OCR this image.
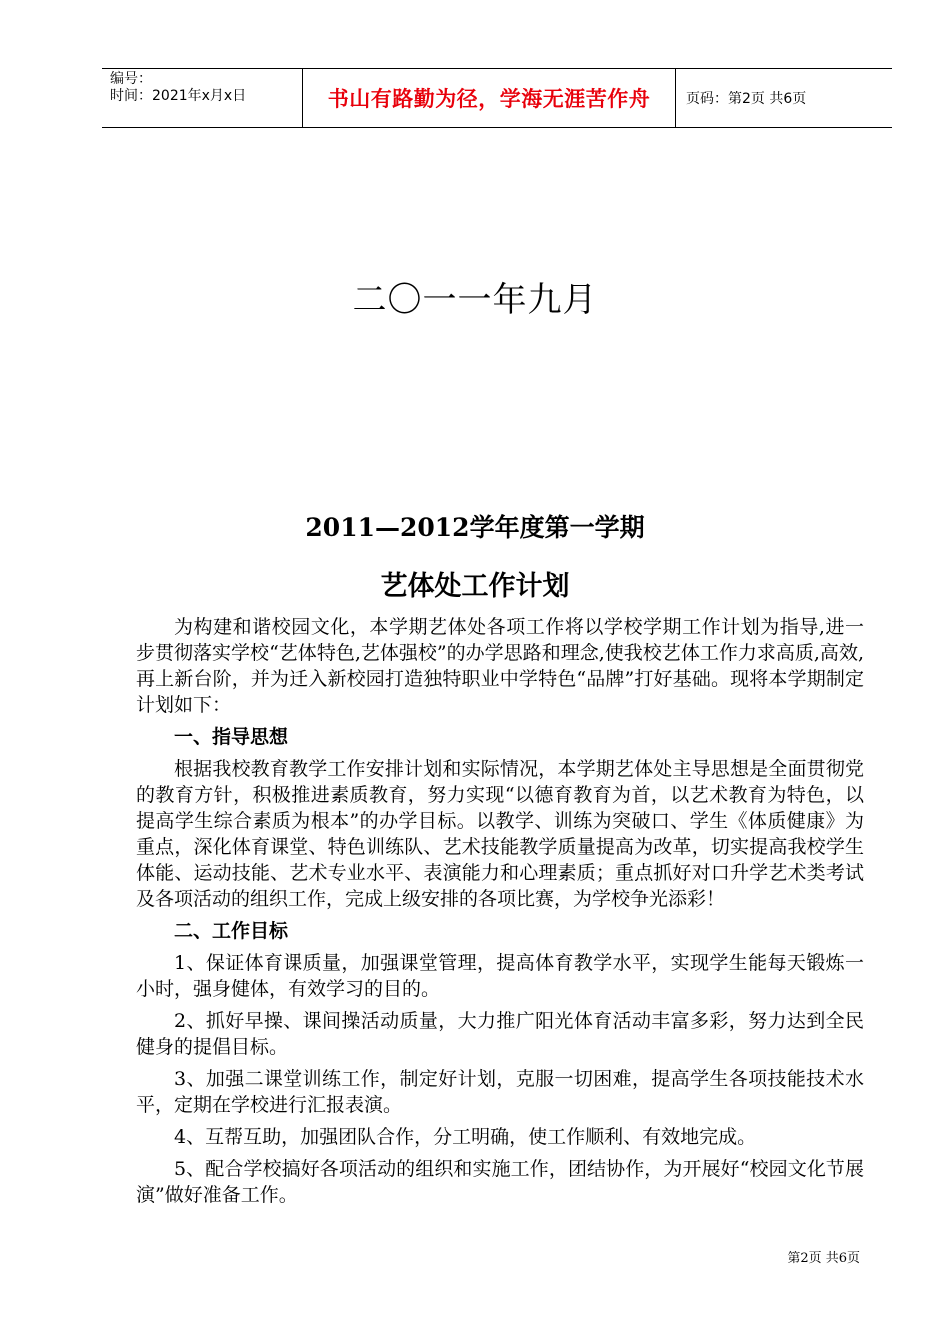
编号：
时间：2021年x月x日	书山有路勤为径，学海无涯苦作舟	页码：第2页 共6页
二〇一一年九月
2011—2012学年度第一学期
艺体处工作计划

为构建和谐校园文化，本学期艺体处各项工作将以学校学期工作计划为指导,进一步贯彻落实学校“艺体特色,艺体强校”的办学思路和理念,使我校艺体工作力求高质,高效,再上新台阶，并为迁入新校园打造独特职业中学特色“品牌”打好基础。现将本学期制定计划如下：

一、指导思想

根据我校教育教学工作安排计划和实际情况，本学期艺体处主导思想是全面贯彻党的教育方针，积极推进素质教育，努力实现“以德育教育为首，以艺术教育为特色，以提高学生综合素质为根本”的办学目标。以教学、训练为突破口、学生《体质健康》为重点，深化体育课堂、特色训练队、艺术技能教学质量提高为改革，切实提高我校学生体能、运动技能、艺术专业水平、表演能力和心理素质；重点抓好对口升学艺术类考试及各项活动的组织工作，完成上级安排的各项比赛，为学校争光添彩！

二、工作目标

1、保证体育课质量，加强课堂管理，提高体育教学水平，实现学生能每天锻炼一小时，强身健体，有效学习的目的。

2、抓好早操、课间操活动质量，大力推广阳光体育活动丰富多彩，努力达到全民健身的提倡目标。

3、加强二课堂训练工作，制定好计划，克服一切困难，提高学生各项技能技术水平，定期在学校进行汇报表演。

4、互帮互助，加强团队合作，分工明确，使工作顺利、有效地完成。

5、配合学校搞好各项活动的组织和实施工作，团结协作，为开展好“校园文化节展演”做好准备工作。

第2页 共6页
